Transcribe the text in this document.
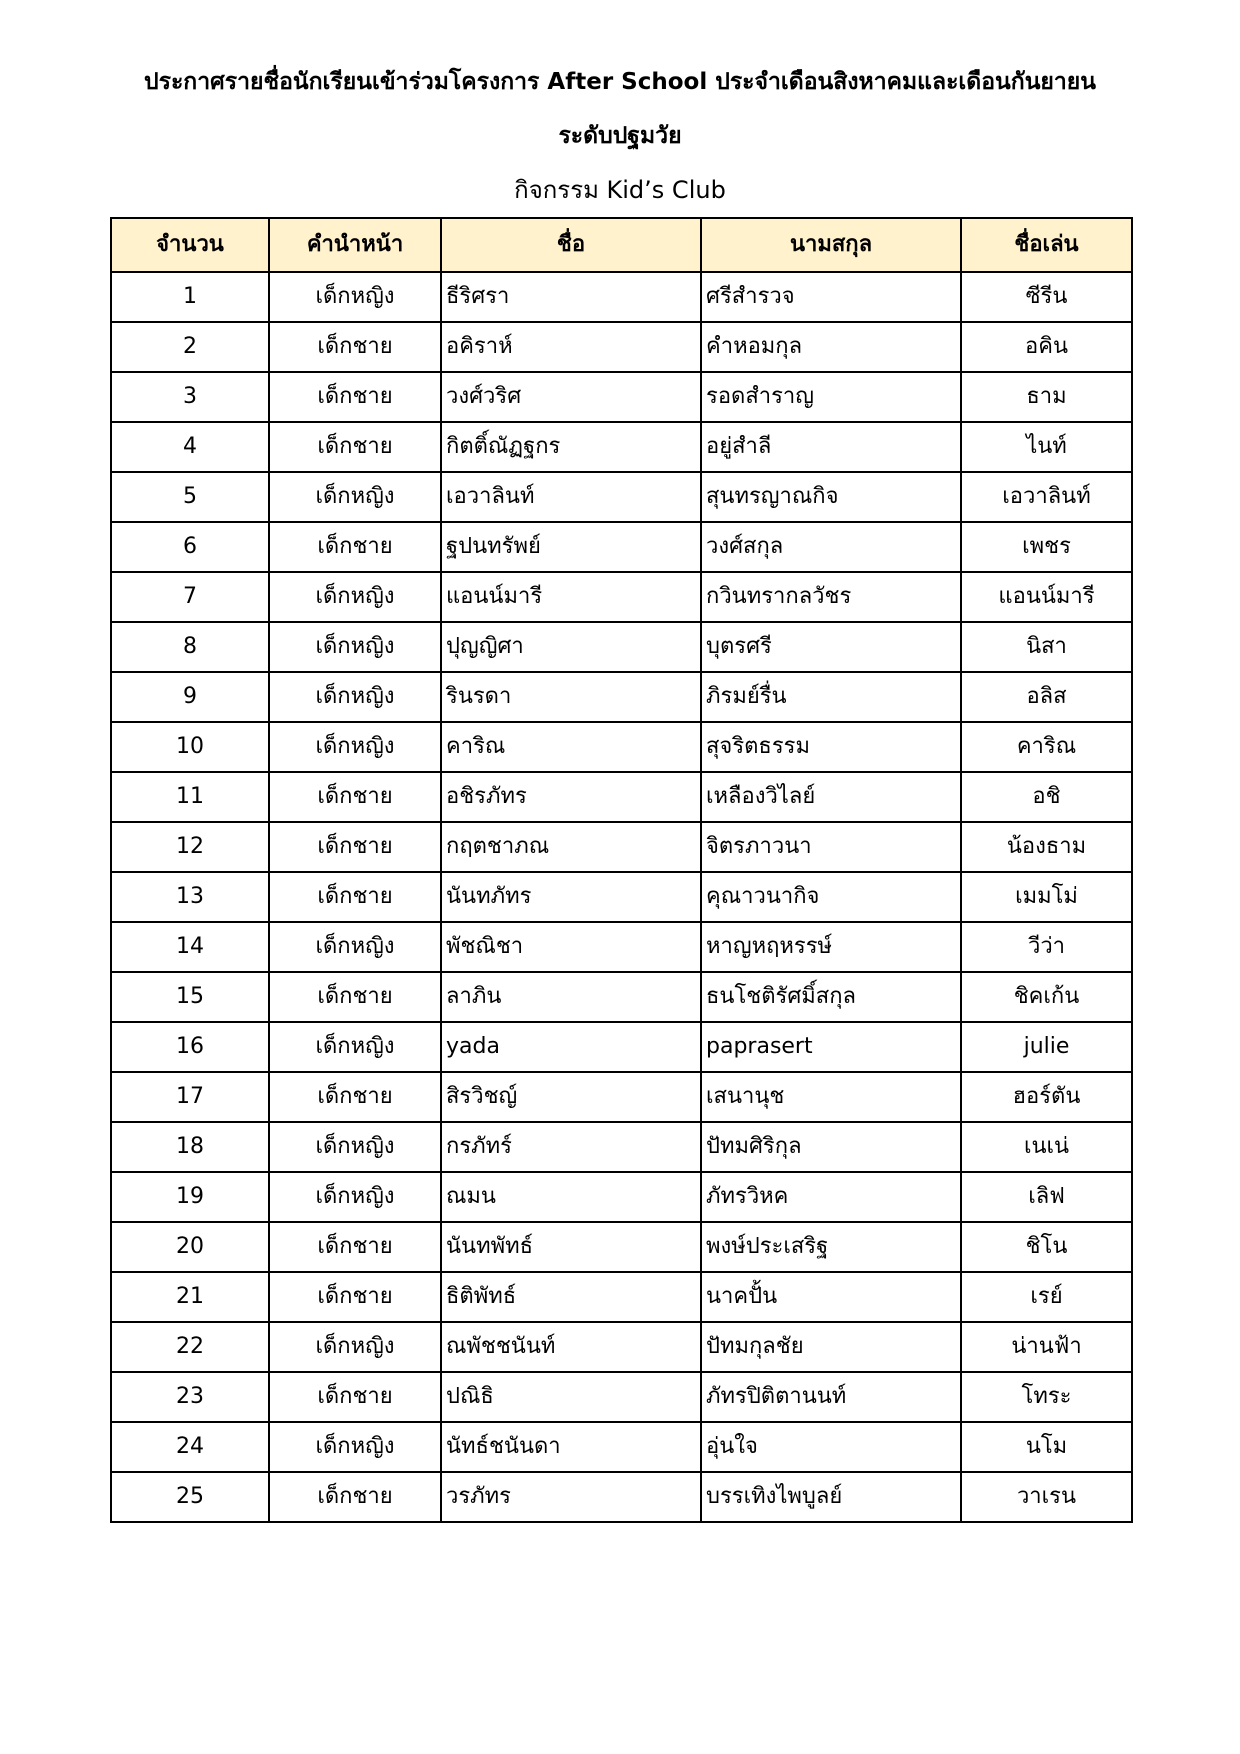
ประกาศรายชื่อนักเรียนเข้าร่วมโครงการ After School ประจำเดือนสิงหาคมและเดือนกันยายน
ระดับปฐมวัย
กิจกรรม Kid’s Club
จำนวน	คำนำหน้า	ชื่อ	นามสกุล	ชื่อเล่น
1	เด็กหญิง	ธีริศรา	ศรีสำรวจ	ซีรีน
2	เด็กชาย	อคิราห์	คำหอมกุล	อคิน
3	เด็กชาย	วงศ์วริศ	รอดสำราญ	ธาม
4	เด็กชาย	กิตติ์ณัฏฐกร	อยู่สำลี	ไนท์
5	เด็กหญิง	เอวาลินท์	สุนทรญาณกิจ	เอวาลินท์
6	เด็กชาย	ฐปนทรัพย์	วงศ์สกุล	เพชร
7	เด็กหญิง	แอนน์มารี	กวินทรากลวัชร	แอนน์มารี
8	เด็กหญิง	ปุญญิศา	บุตรศรี	นิสา
9	เด็กหญิง	รินรดา	ภิรมย์รื่น	อลิส
10	เด็กหญิง	คาริณ	สุจริตธรรม	คาริณ
11	เด็กชาย	อชิรภัทร	เหลืองวิไลย์	อชิ
12	เด็กชาย	กฤตชาภณ	จิตรภาวนา	น้องธาม
13	เด็กชาย	นันทภัทร	คุณาวนากิจ	เมมโม่
14	เด็กหญิง	พัชณิชา	หาญหฤหรรษ์	วีว่า
15	เด็กชาย	ลาภิน	ธนโชติรัศมิ์สกุล	ชิคเก้น
16	เด็กหญิง	yada	paprasert	julie
17	เด็กชาย	สิรวิชญ์	เสนานุช	ฮอร์ตัน
18	เด็กหญิง	กรภัทร์	ปัทมศิริกุล	เนเน่
19	เด็กหญิง	ณมน	ภัทรวิหค	เลิฟ
20	เด็กชาย	นันทพัทธ์	พงษ์ประเสริฐ	ชิโน
21	เด็กชาย	ธิติพัทธ์	นาคปั้น	เรย์
22	เด็กหญิง	ณพัชชนันท์	ปัทมกุลชัย	น่านฟ้า
23	เด็กชาย	ปณิธิ	ภัทรปิติตานนท์	โทระ
24	เด็กหญิง	นัทธ์ชนันดา	อุ่นใจ	นโม
25	เด็กชาย	วรภัทร	บรรเทิงไพบูลย์	วาเรน
